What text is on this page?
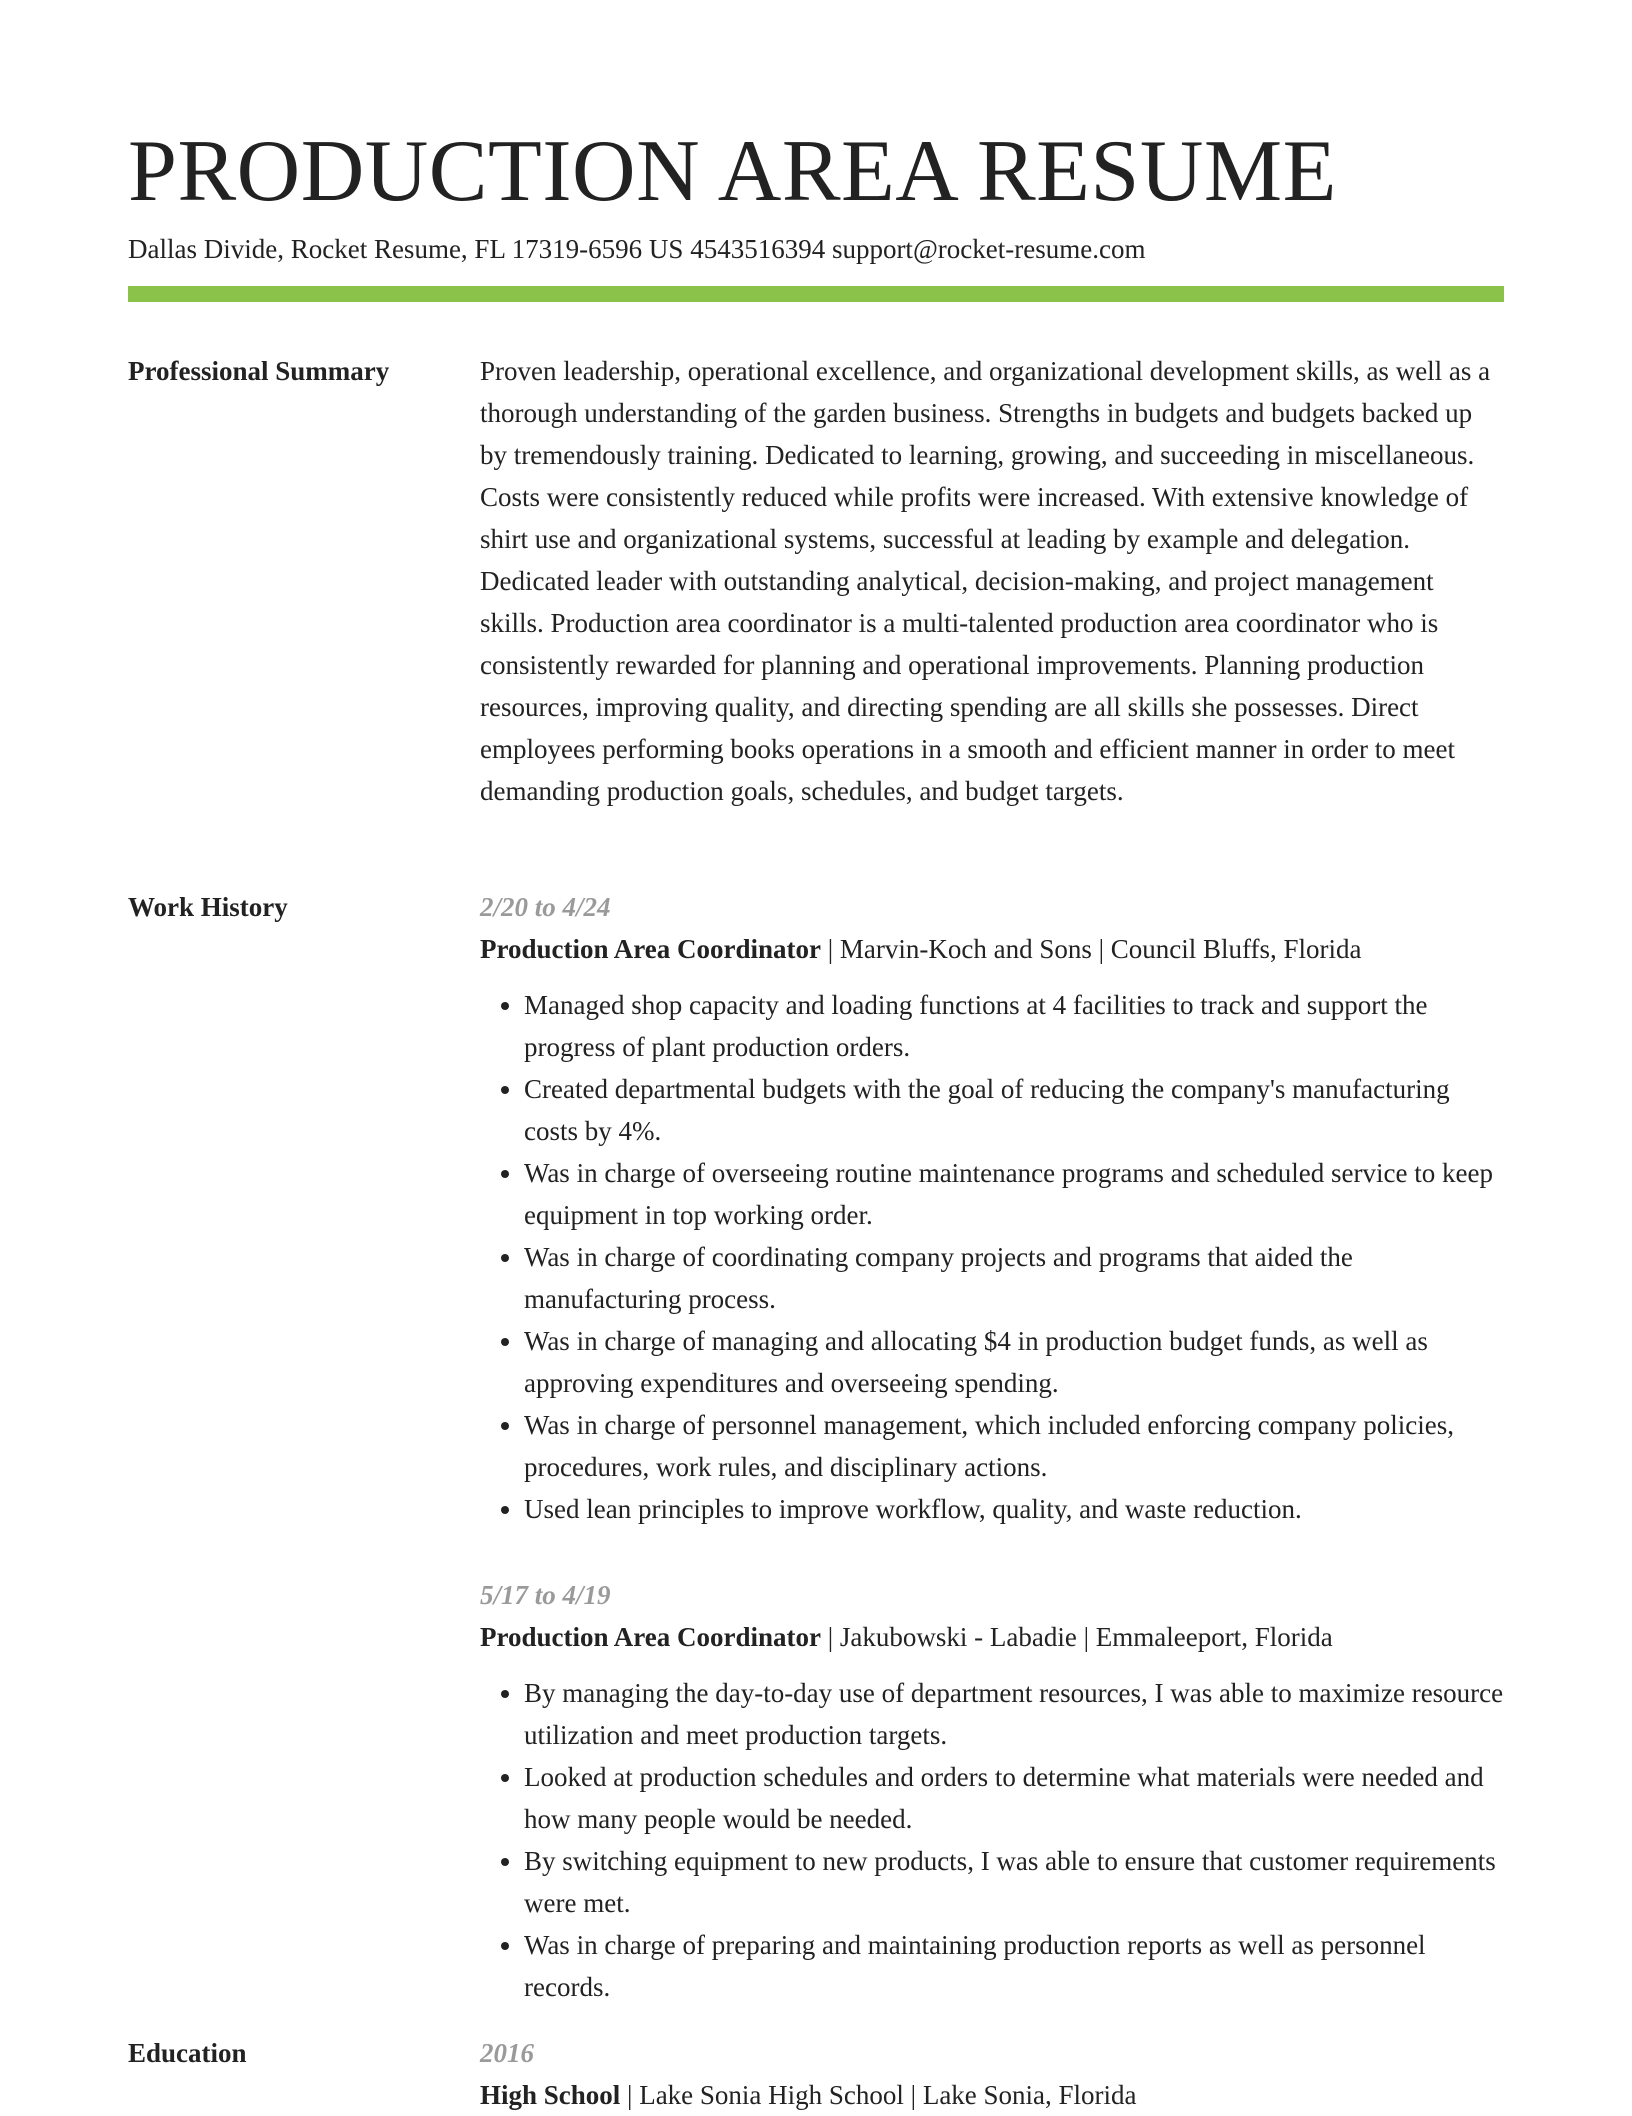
PRODUCTION AREA RESUME
Dallas Divide, Rocket Resume, FL 17319-6596 US 4543516394 support@rocket-resume.com
Professional Summary	Proven leadership, operational excellence, and organizational development skills, as well as a thorough understanding of the garden business. Strengths in budgets and budgets backed up by tremendously training. Dedicated to learning, growing, and succeeding in miscellaneous. Costs were consistently reduced while profits were increased. With extensive knowledge of shirt use and organizational systems, successful at leading by example and delegation. Dedicated leader with outstanding analytical, decision-making, and project management skills. Production area coordinator is a multi-talented production area coordinator who is consistently rewarded for planning and operational improvements. Planning production resources, improving quality, and directing spending are all skills she possesses. Direct employees performing books operations in a smooth and efficient manner in order to meet demanding production goals, schedules, and budget targets.

Work History	2/20 to 4/24
Production Area Coordinator | Marvin-Koch and Sons | Council Bluffs, Florida
• Managed shop capacity and loading functions at 4 facilities to track and support the progress of plant production orders.
• Created departmental budgets with the goal of reducing the company's manufacturing costs by 4%.
• Was in charge of overseeing routine maintenance programs and scheduled service to keep equipment in top working order.
• Was in charge of coordinating company projects and programs that aided the manufacturing process.
• Was in charge of managing and allocating $4 in production budget funds, as well as approving expenditures and overseeing spending.
• Was in charge of personnel management, which included enforcing company policies, procedures, work rules, and disciplinary actions.
• Used lean principles to improve workflow, quality, and waste reduction.
5/17 to 4/19
Production Area Coordinator | Jakubowski - Labadie | Emmaleeport, Florida
• By managing the day-to-day use of department resources, I was able to maximize resource utilization and meet production targets.
• Looked at production schedules and orders to determine what materials were needed and how many people would be needed.
• By switching equipment to new products, I was able to ensure that customer requirements were met.
• Was in charge of preparing and maintaining production reports as well as personnel records.
Education	2016
High School | Lake Sonia High School | Lake Sonia, Florida
